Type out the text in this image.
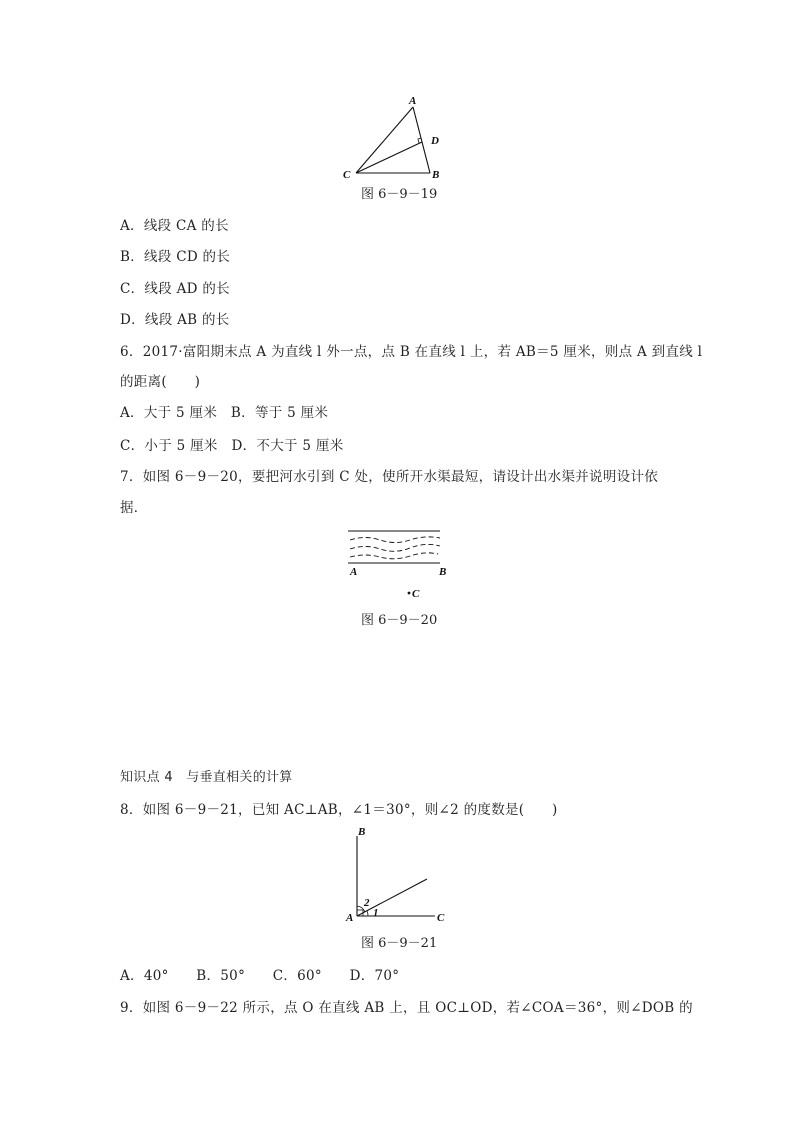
A
D
C	B
图 6－9－19
A．线段 CA 的长
B．线段 CD 的长
C．线段 AD 的长
D．线段 AB 的长
6．2017·富阳期末点 A 为直线 l 外一点，点 B 在直线 l 上，若 AB＝5 厘米，则点 A 到直线 l
的距离(　　)
A．大于 5 厘米　B．等于 5 厘米
C．小于 5 厘米　D．不大于 5 厘米
7．如图 6－9－20，要把河水引到 C 处，使所开水渠最短，请设计出水渠并说明设计依
据．
A	B
C
图 6－9－20
知识点 4　与垂直相关的计算
8．如图 6－9－21，已知 AC⊥AB，∠1＝30°，则∠2 的度数是(　　)
B
A	C
2
1
图 6－9－21
A．40°　　B．50°　　C．60°　　D．70°
9．如图 6－9－22 所示，点 O 在直线 AB 上，且 OC⊥OD，若∠COA＝36°，则∠DOB 的
